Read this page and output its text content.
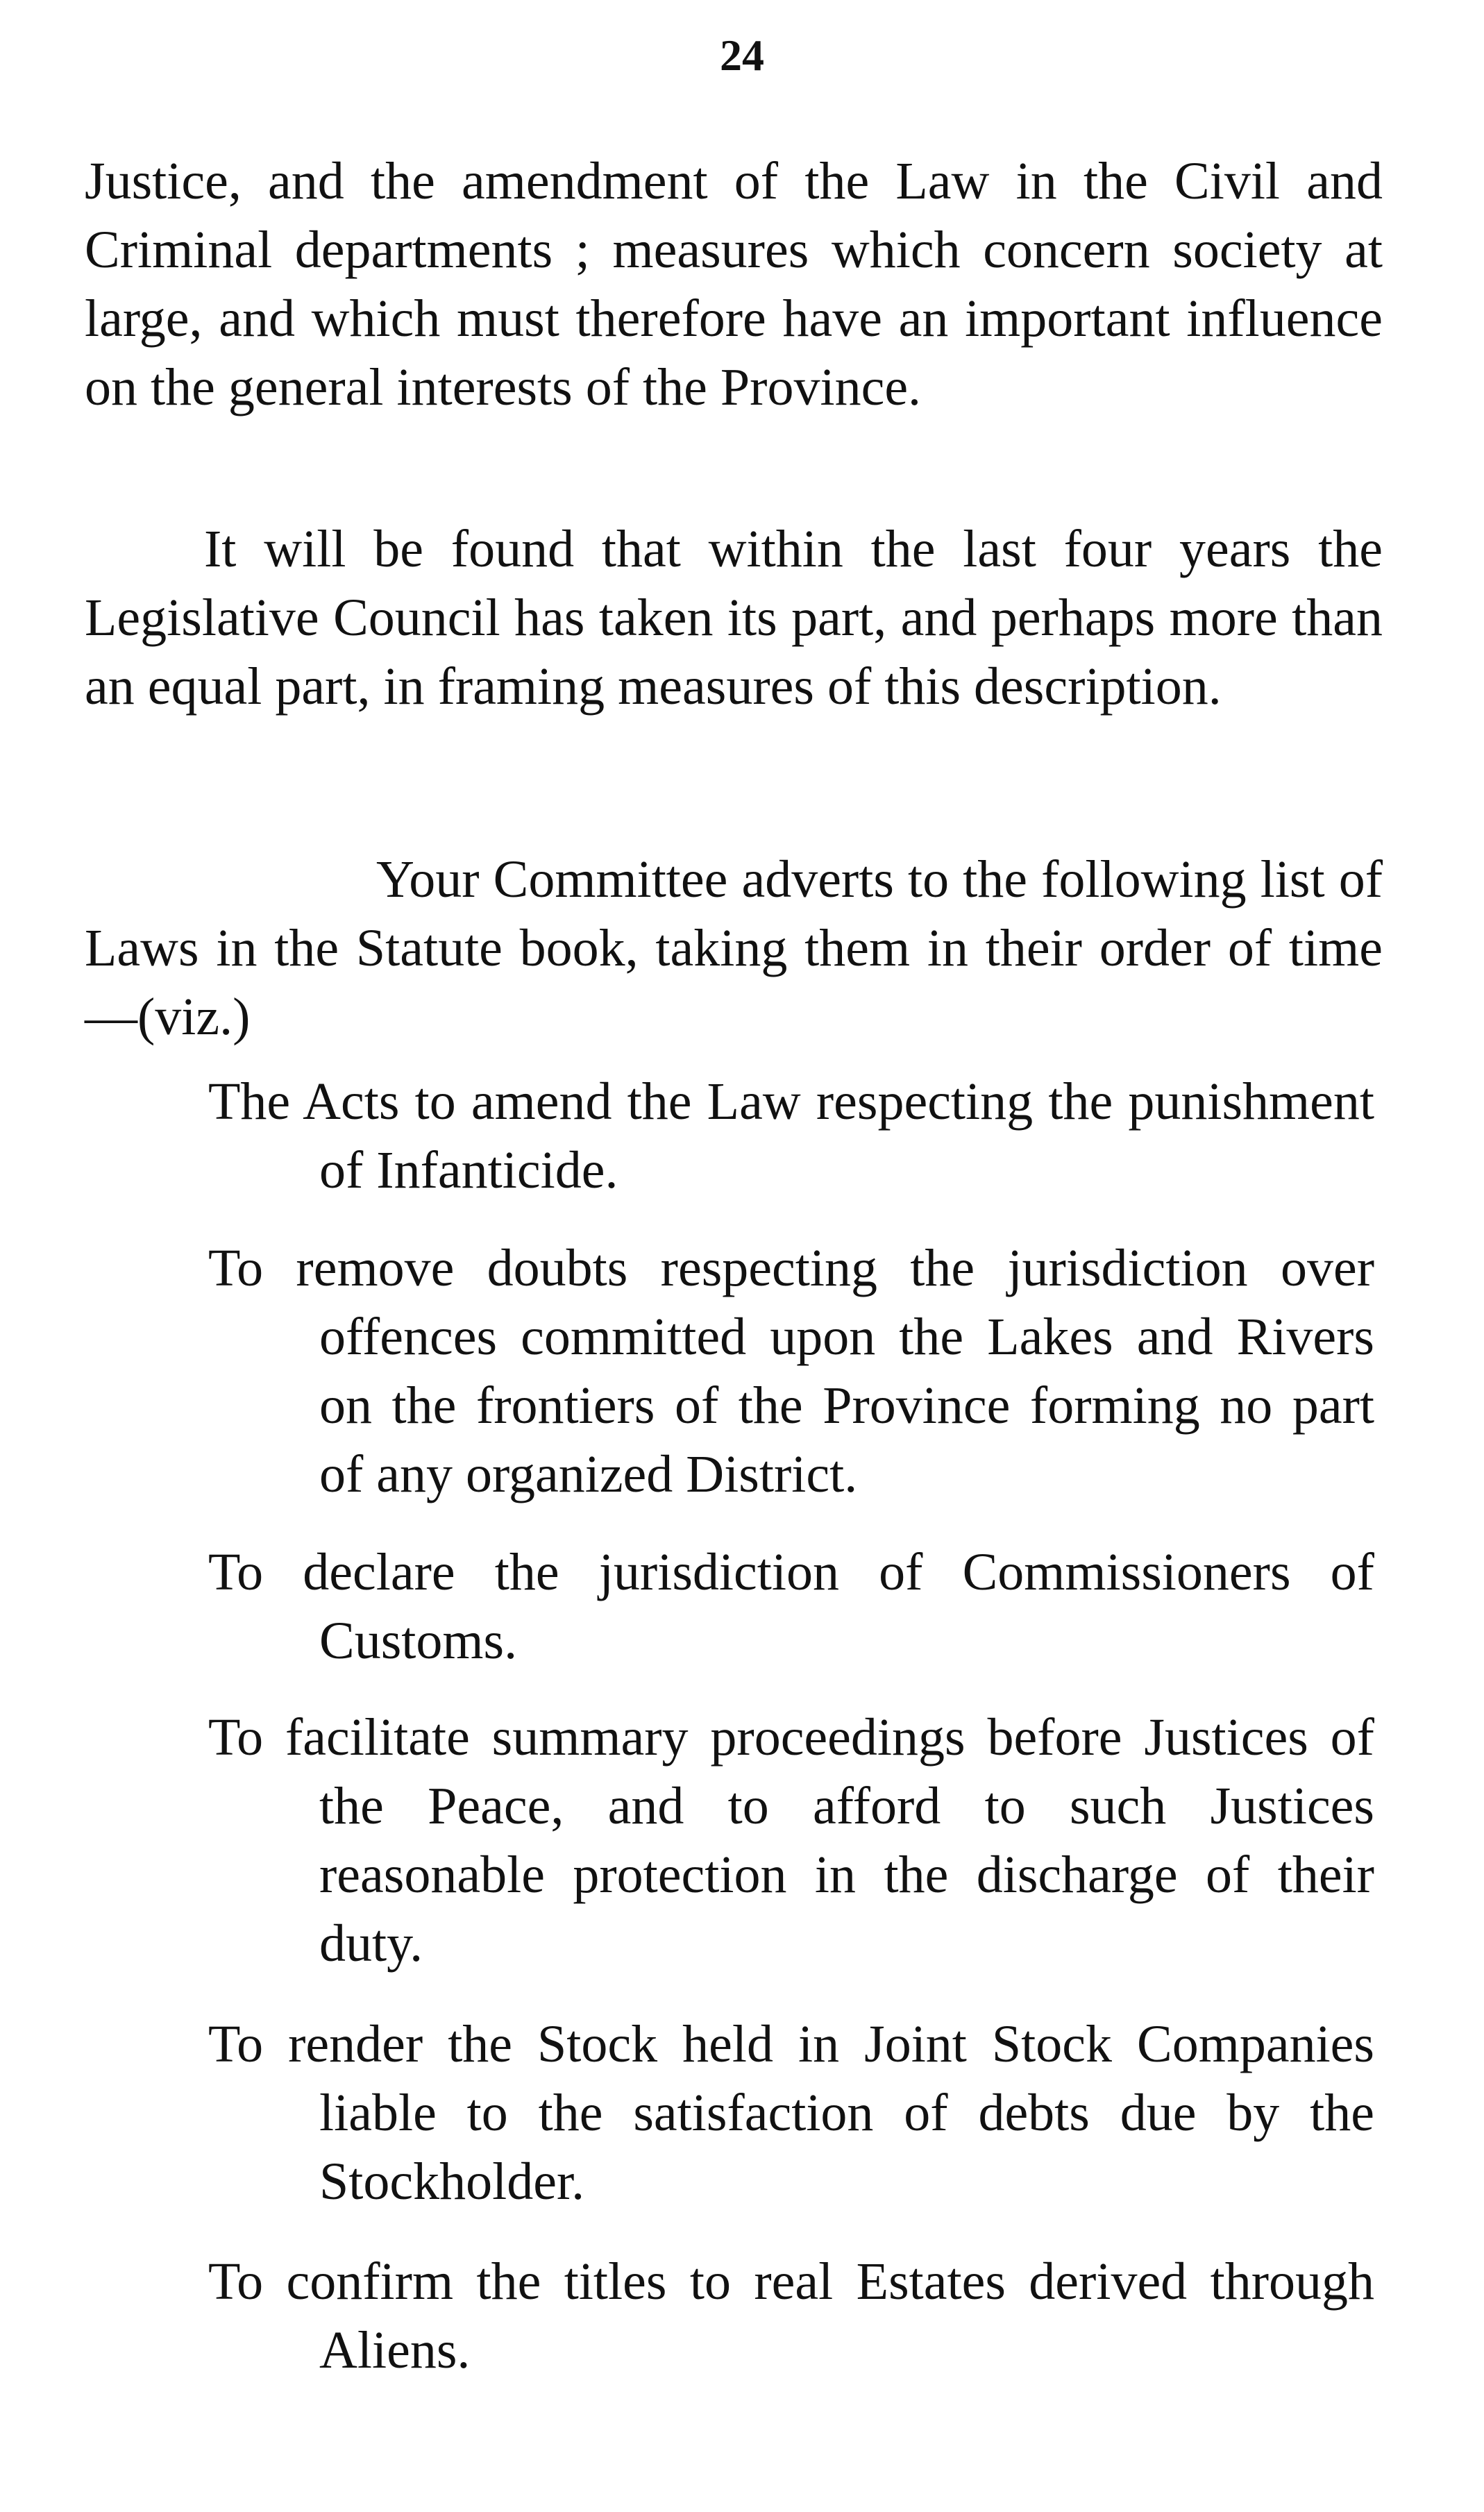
24

Justice, and the amendment of the Law in the Civil and Criminal departments ; measures which concern society at large, and which must therefore have an important influence on the general interests of the Province.

It will be found that within the last four years the Legislative Council has taken its part, and perhaps more than an equal part, in framing measures of this description.

Your Committee adverts to the following list of Laws in the Statute book, taking them in their order of time—(viz.)

The Acts to amend the Law respecting the punishment of Infanticide.
To remove doubts respecting the jurisdiction over offences committed upon the Lakes and Rivers on the frontiers of the Province forming no part of any organized District.
To declare the jurisdiction of Commissioners of Customs.
To facilitate summary proceedings before Justices of the Peace, and to afford to such Justices reasonable protection in the discharge of their duty.
To render the Stock held in Joint Stock Companies liable to the satisfaction of debts due by the Stockholder.
To confirm the titles to real Estates derived through Aliens.
